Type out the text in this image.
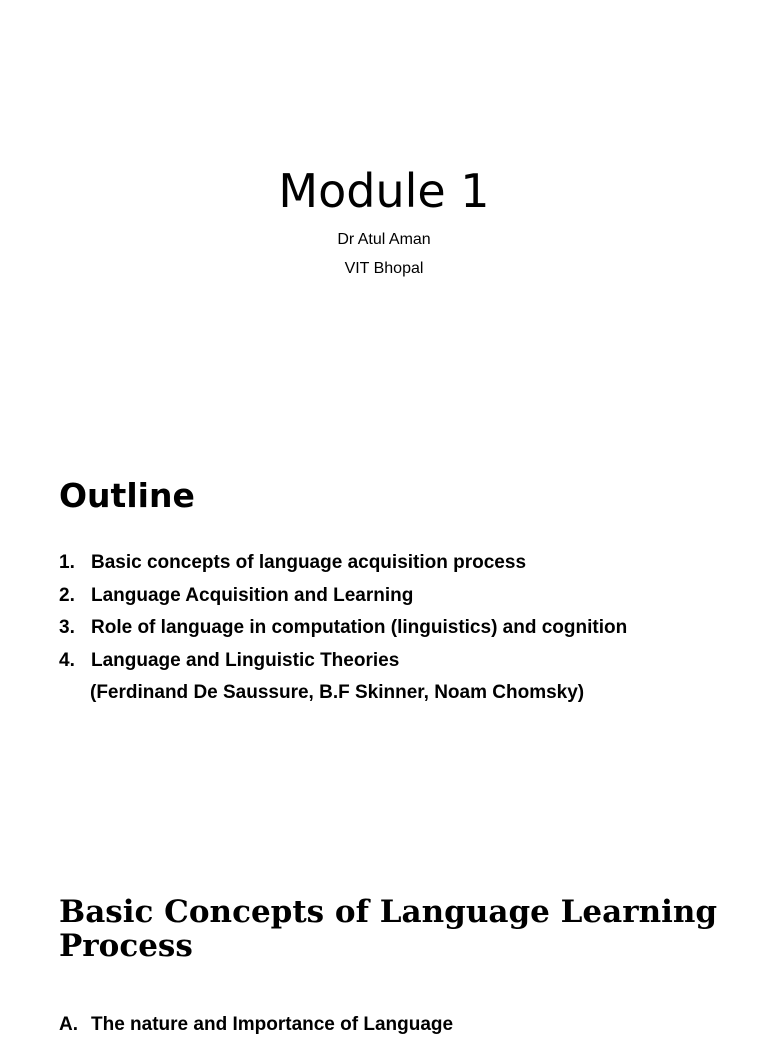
Module 1

Dr Atul Aman

VIT Bhopal

Outline
1. Basic concepts of language acquisition process
2. Language Acquisition and Learning
3. Role of language in computation (linguistics) and cognition
4. Language and Linguistic Theories
(Ferdinand De Saussure, B.F Skinner, Noam Chomsky)
Basic Concepts of Language Learning Process
A. The nature and Importance of Language
